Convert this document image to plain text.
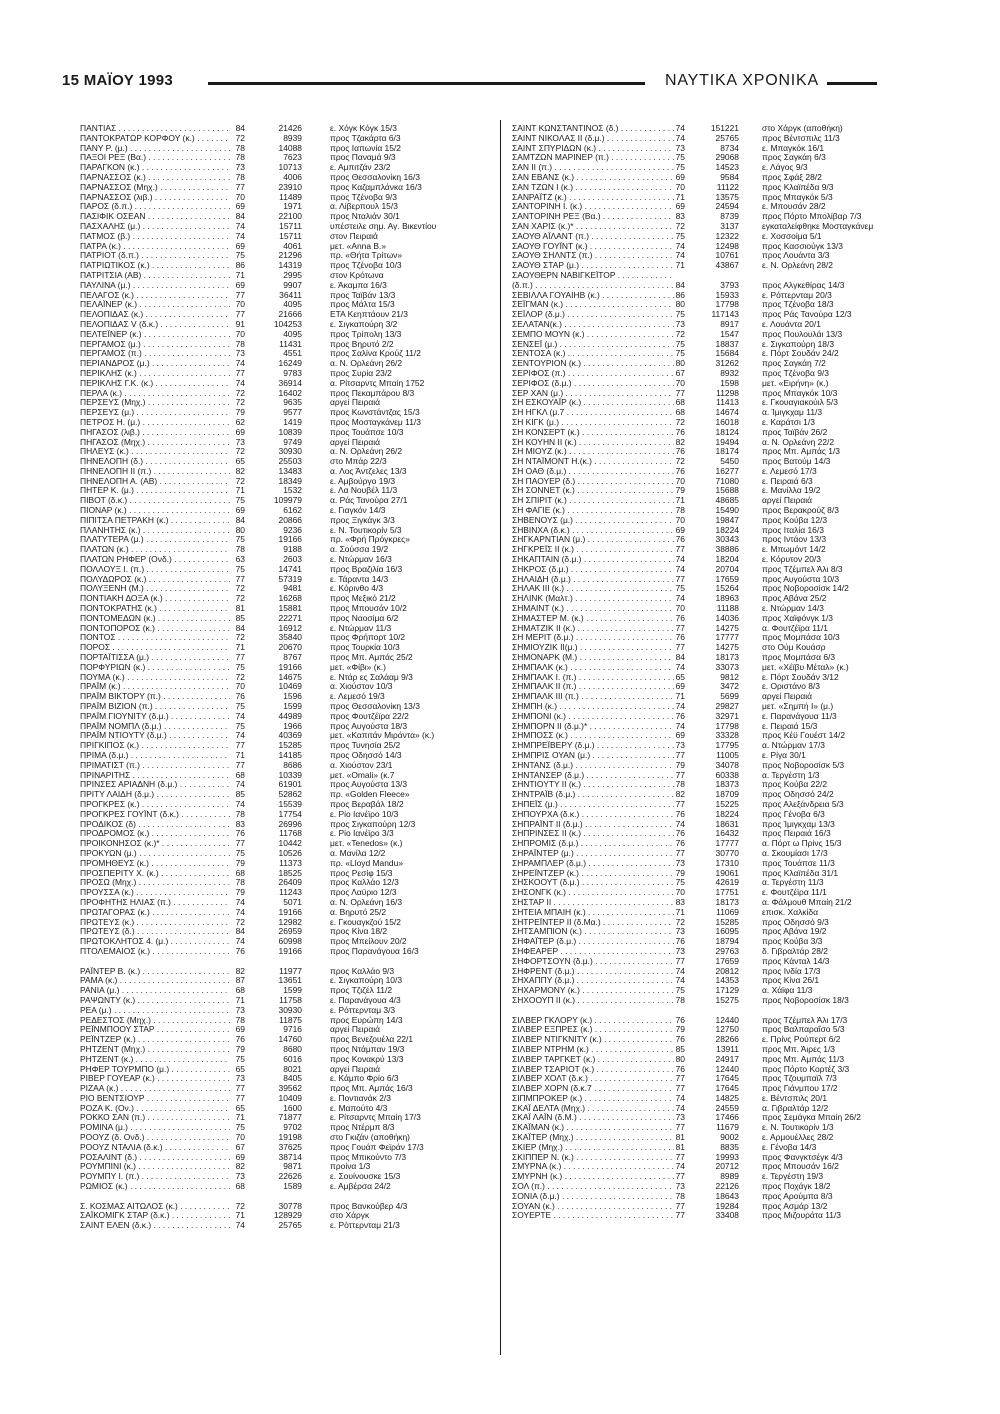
15 ΜΑΪΟΥ 1993	ΝΑΥΤΙΚΑ ΧΡΟΝΙΚΑ
ΠΑΝΤΙΑΣ . . .	84	21426	ε. Χόγκ Κόγκ 15/3
ΠΑΝΤΟΚΡΑΤΩΡ ΚΟΡΦΟΥ (κ.) . . .	72	8939	προς Τζακάρτα 6/3
ΠΑΝΥ Ρ. (μ.) . . .	78	14088	προς Ιαπωνία 15/2
ΠΑΞΟΙ ΡΕΞ (Βα.) . . .	78	7623	προς Παναμά 9/3
ΠΑΡΑΓΚΟΝ (κ.) . . .	73	10713	ε. Αμπιτζάν 23/2
ΠΑΡΝΑΣΣΟΣ (κ.) . . .	78	4006	προς Θεσσαλονίκη 16/3
ΠΑΡΝΑΣΣΟΣ (Μηχ.) . . .	77	23910	προς Καζαμπλάνκα 16/3
ΠΑΡΝΑΣΣΟΣ (λιβ.) . . .	70	11489	προς Τζένοβα 9/3
ΠΑΡΟΣ (δ.π.) . . .	69	1971	α. Λίβερπουλ 15/3
ΠΑΣΙΦΙΚ ΟΣΕΑΝ . . .	84	22100	προς Νταλιάν 30/1
ΠΑΣΧΑΛΗΣ (μ.) . . .	74	15711	υπέστειλε σημ. Αγ. Βικεντίου
ΠΑΤΜΟΣ (β.) . . .	74	15711	στον Πειραιά
ΠΑΤΡΑ (κ.) . . .	69	4061	μετ. «Αnna Β.»
ΠΑΤΡΙΟΤ (δ.π.) . . .	75	21296	πρ. «Θήτα Τρίτων»
ΠΑΤΡΙΩΤΙΚΟΣ (κ.) . . .	86	14319	προς Τζένοβα 10/3
ΠΑΤΡΙΤΣΙΑ (ΑΒ) . . .	71	2995	στον Κρότωνα
ΠΑΥΛΙΝΑ (μ.) . . .	69	9907	ε. Άκαμπα 16/3
ΠΕΛΑΓΟΣ (κ.) . . .	77	36411	προς Ταϊβάν 13/3
ΠΕΛΑΪΝΕΡ (κ.) . . .	70	4095	προς Μάλτα 15/3
ΠΕΛΟΠΙΔΑΣ (κ.) . . .	77	21666	ΕΤΑ Κεηπτάουν 21/3
ΠΕΛΟΠΙΔΑΣ V (δ.κ.) . . .	91	104253	ε. Σιγκαπούρη 3/2
ΠΕΛΤΕΪΝΕΡ (κ.) . . .	70	4095	προς Τρίπολη 13/3
ΠΕΡΓΑΜΟΣ (μ.) . . .	78	11431	προς Βηρυτό 2/2
ΠΕΡΓΑΜΟΣ (π.) . . .	73	4551	προς Σαλίνα Κρούζ 11/2
ΠΕΡΙΑΝΔΡΟΣ (μ.) . . .	74	16249	α. Ν. Ορλεάνη 26/2
ΠΕΡΙΚΛΗΣ (κ.) . . .	77	9783	προς Συρία 23/2
ΠΕΡΙΚΛΗΣ Γ.Κ. (κ.) . . .	74	36914	α. Ρίτσαρντς Μπαίη 1752
ΠΕΡΛΑ (κ.) . . .	72	16402	προς Πεκαμπάρου 8/3
ΠΕΡΣΕΥΣ (Μηχ.) . . .	72	9635	αργεί Πειραιά
ΠΕΡΣΕΥΣ (μ.) . . .	79	9577	προς Κωνστάντζας 15/3
ΠΕΤΡΟΣ Η. (μ.) . . .	62	1419	προς Μοσταγκάνεμ 11/3
ΠΗΓΑΣΟΣ (λιβ.) . . .	69	10839	προς Τουάπσε 10/3
ΠΗΓΑΣΟΣ (Μηχ.) . . .	73	9749	αργεί Πειραιά
ΠΗΛΕΥΣ (κ.) . . .	72	30930	α. Ν. Ορλεάνη 26/2
ΠΗΝΕΛΟΠΗ (δ.) . . .	65	25503	στο Μπάρ 22/3
ΠΗΝΕΛΟΠΗ ΙΙ (π.) . . .	82	13483	α. Λος Άντζελες 13/3
ΠΗΝΕΛΟΠΗ Α. (ΑΒ) . . .	72	18349	ε. Αμβούργο 19/3
ΠΗΤΕΡ Κ. (μ.) . . .	71	1532	ε. Λα Νουβέλ 11/3
ΠΙΒΟΤ (δ.κ.) . . .	75	109979	α. Ράς Τανούρα 27/1
ΠΙΟΝΑΡ (κ.) . . .	69	6162	ε. Γιαγκόν 14/3
ΠΙΠΙΤΣΑ ΠΕΤΡΑΚΗ (κ.) . . .	84	20866	προς Ξιγκάγκ 3/3
ΠΛΑΝΗΤΗΣ (κ.) . . .	80	9236	ε. Ν. Τουτικορίν 5/3
ΠΛΑΤΥΤΕΡΑ (μ.) . . .	75	19166	πρ. «Φρή Πρόγκρες»
ΠΛΑΤΩΝ (κ.) . . .	78	9188	α. Σούσσα 19/2
ΠΛΑΤΩΝ ΡΗΦΕΡ (Ονδ.) . . .	63	2603	ε. Ντώρμαν 16/3
ΠΟΛΛΟΥΞ Ι. (π.) . . .	75	14741	προς Βραζιλία 16/3
ΠΟΛΥΔΩΡΟΣ (κ.) . . .	77	57319	ε. Τάραντα 14/3
ΠΟΛΥΞΕΝΗ (Μ.) . . .	72	9481	ε. Κόρινθο 4/3
ΠΟΝΤΙΑΚΗ ΔΟΞΑ (κ.) . . .	72	16268	προς Μεξικό 21/2
ΠΟΝΤΟΚΡΑΤΗΣ (κ.) . . .	81	15881	προς Μπουσάν 10/2
ΠΟΝΤΟΜΕΔΩΝ (κ.) . . .	85	22271	προς Ναοσίμα 6/2
ΠΟΝΤΟΠΟΡΟΣ (κ.) . . .	84	16912	ε. Ντώρμαν 11/3
ΠΟΝΤΟΣ . . .	72	35840	προς Φρήπορτ 10/2
ΠΟΡΟΣ . . .	71	20670	προς Τουρκία 10/3
ΠΟΡΤΑΪΤΙΣΣΑ (μ.) . . .	77	8767	προς Μπ. Αμπάς 25/2
ΠΟΡΦΥΡΙΩΝ (κ.) . . .	75	19166	μετ. «Φίβι» (κ.)
ΠΟΥΜΑ (κ.) . . .	72	14675	ε. Ντάρ ες Σαλάαμ 9/3
ΠΡΑΪΜ (κ.) . . .	70	10469	α. Χιούστον 10/3
ΠΡΑΪΜ ΒΙΚΤΟΡΥ (π.) . . .	76	1596	ε. Λεμεσό 19/3
ΠΡΑΪΜ ΒΙΖΙΟΝ (π.) . . .	75	1599	προς Θεσσαλονίκη 13/3
ΠΡΑΪΜ ΓΙΟΥΝΙΤΥ (δ.μ.) . . .	74	44989	προς Φουτζέϊρα 22/2
ΠΡΑΪΜ ΝΟΜΠΛ (δ.μ.) . . .	75	1966	προς Αυγούστα 18/3
ΠΡΑΪΜ ΝΤΙΟΥΤΥ (δ.μ.) . . .	74	40369	μετ. «Καπιτάν Μιράντα» (κ.)
ΠΡΙΓΚΙΠΟΣ (κ.) . . .	77	15285	προς Τυνησία 25/2
ΠΡΙΜΑ (δ.μ.) . . .	71	14185	προς Οδησσό 14/3
ΠΡΙΜΑΤΙΣΤ (π.) . . .	77	8686	α. Χιούστον 23/1
ΠΡΙΝΑΡΙΤΗΣ . . .	68	10339	μετ. «Omali» (κ.7
ΠΡΙΝΣΕΣ ΑΡΙΑΔΝΗ (δ.μ.) . . .	74	61901	προς Αυγούστα 13/3
ΠΡΙΤΥ ΛΑΙΔΗ (δ.μ.) . . .	85	52862	πρ. «Golden Fleece»
ΠΡΟΓΚΡΕΣ (κ.) . . .	74	15539	προς Βεραβάλ 18/2
ΠΡΟΓΚΡΕΣ ΓΟΥΪΝΤ (δ.κ.) . . .	78	17754	ε. Ρίο Ιανέϊρο 10/3
ΠΡΟΔΙΚΟΣ (δ) . . .	83	26996	προς Σιγκαπούρη 12/3
ΠΡΟΔΡΟΜΟΣ (κ.) . . .	76	11768	ε. Ρίο Ιανέϊρο 3/3
ΠΡΟΙΚΟΝΗΣΟΣ (κ.)* . . .	77	10442	μετ. «Tenedos» (κ.)
ΠΡΟΚΥΩΝ (μ.) . . .	75	10526	α. Μανίλα 12/2
ΠΡΟΜΗΘΕΥΣ (κ.) . . .	79	11373	πρ. «Lloyd Mandu»
ΠΡΟΣΠΕΡΙΤΥ Χ. (κ.) . . .	68	18525	προς Ρεσίφ 15/3
ΠΡΟΣΩ (Μηχ.) . . .	78	26409	προς Καλλάο 12/3
ΠΡΟΥΣΣΑ (κ.) . . .	79	11243	προς Λαϋριο 12/3
ΠΡΟΦΗΤΗΣ ΗΛΙΑΣ (π.) . . .	74	5071	α. Ν. Ορλεάνη 16/3
ΠΡΩΤΑΓΟΡΑΣ (κ.) . . .	74	19166	α. Βηρυτό 25/2
ΠΡΩΤΕΥΣ (κ.) . . .	72	12982	ε. Γκουαγκζού 15/2
ΠΡΩΤΕΥΣ (δ.) . . .	84	26959	προς Κίνα 18/2
ΠΡΩΤΟΚΛΗΤΟΣ 4. (μ.) . . .	74	60998	προς Μπείλουν 20/2
ΠΤΟΛΕΜΑΙΟΣ (κ.) . . .	76	19166	προς Παρανάγουα 16/3
ΡΑΪΝΤΕΡ Β. (κ.) . . .	82	11977	προς Καλλάο 9/3
ΡΑΜΑ (κ.) . . .	87	13651	ε. Σιγκαπούρη 10/3
ΡΑΝΙΑ (μ.) . . .	68	1599	προς Τζιζέλ 11/2
ΡΑΨΩΝΤΥ (κ.) . . .	71	11758	ε. Παρανάγουα 4/3
ΡΕΑ (μ.) . . .	73	30930	ε. Ρόττερνταμ 3/3
ΡΕΔΕΣΤΟΣ (Μηχ.) . . .	78	11875	προς Ευρώπη 14/3
ΡΕΪΝΜΠΟΟΥ ΣΤΑΡ . . .	69	9716	αργεί Πειραιά
ΡΕΪΝΤΖΕΡ (κ.) . . .	76	14760	προς Βενεζουέλα 22/1
ΡΗΤΖΕΝΤ (Μηχ.) . . .	79	8680	προς Ντάμπαν 19/3
ΡΗΤΖΕΝΤ (κ.) . . .	75	6016	προς Κονακρύ 13/3
ΡΗΦΕΡ ΤΟΥΡΜΠΟ (μ.) . . .	65	8021	αργεί Πειραιά
ΡΙΒΕΡ ΓΟΥΕΑΡ (κ.) . . .	73	8405	ε. Κάμπο Φρίο 6/3
ΡΙΖΑΑ (κ.) . . .	77	39562	προς Μπ. Αμπάς 16/3
ΡΙΟ ΒΕΝΤΣΙΟΥΡ . . .	77	10409	ε. Ποντιανάκ 2/3
ΡΟΖΑ Κ. (Ον.) . . .	65	1600	ε. Μαπούτο 4/3
ΡΟΚΚΟ ΣΑΝ (π.) . . .	71	71877	ε. Ρίτσαρντς Μπαίη 17/3
ΡΟΜΙΝΑ (μ.) . . .	75	9702	προς Ντέρμπ 8/3
ΡΟΟΥΖ (δ. Ονδ.) . . .	70	19198	στο Γκιζάν (αποθήκη)
ΡΟΟΥΖ ΝΤΑΛΙΑ (δ.κ.) . . .	67	37625	προς Γουάπ Φεϊράν 17/3
ΡΟΣΑΛΙΝΤ (δ.) . . .	69	38714	προς Μπικούντο 7/3
ΡΟΥΜΠΙΝΙ (κ.) . . .	82	9871	προίνα 1/3
ΡΟΥΜΠΥ Ι. (π.) . . .	73	22626	ε. Σουίνουσκε 15/3
ΡΩΜΙΟΣ (κ.) . . .	68	1589	ε. Αμβέρσα 24/2
Σ. ΚΟΣΜΑΣ ΑΙΤΩΛΟΣ (κ.) . . .	72	30778	προς Βανκούβερ 4/3
ΣΑΪΚΟΜΙΓΚ ΣΤΑΡ (δ.κ.) . . .	71	128929	στο Χάργκ
ΣΑΙΝΤ ΕΛΕΝ (δ.κ.) . . .	74	25765	ε. Ρόττερνταμ 21/3
ΣΑΙΝΤ ΚΩΝΣΤΑΝΤΙΝΟΣ (δ.) . . .	74	151221	στο Χάργκ (αποθήκη)
ΣΑΙΝΤ ΝΙΚΟΛΑΣ ΙΙ (δ.μ.) . . .	74	25765	προς Βέντσπιλς 11/3
ΣΑΙΝΤ ΣΠΥΡΙΔΩΝ (κ.) . . .	73	8734	ε. Μπαγκόκ 16/1
ΣΑΜΤΖΩΝ ΜΑΡΙΝΕΡ (π.) . . .	75	29068	προς Σαγκάη 6/3
ΣΑΝ ΙΙ (π.) . . .	75	14523	ε. Λάγος 9/3
ΣΑΝ ΕΒΑΝΣ (κ.) . . .	69	9584	προς Σφάξ 28/2
ΣΑΝ ΤΖΩΝ Ι (κ.) . . .	70	11122	προς Κλαϊπέδα 9/3
ΣΑΝΡΑΪΤΖ (κ.) . . .	71	13575	προς Μπαγκόκ 5/3
ΣΑΝΤΟΡΙΝΗ Ι. (κ.) . . .	69	24594	ε. Μπουσάν 28/2
ΣΑΝΤΟΡΙΝΗ ΡΕΞ (Βα.) . . .	83	8739	προς Πόρτο Μπολίβαρ 7/3
ΣΑΝ ΧΑΡΙΣ (κ.)* . . .	72	3137	εγκαταλείφθηκε Μοσταγκάνεμ
ΣΑΟΥΘ ΑΪΛΑΝΤ (π.) . . .	75	12322	ε. Χοσσοίμα 5/1
ΣΑΟΥΘ ΓΟΥΪΝΤ (κ.) . . .	74	12498	προς Κασσιούγκ 13/3
ΣΑΟΥΘ ΣΗΛΝΤΣ (π.) . . .	74	10761	προς Λουάντα 3/3
ΣΑΟΥΘ ΣΤΑΡ (μ.) . . .	71	43867	ε. Ν. Ορλεάνη 28/2
ΣΑΟΥΘΕΡΝ ΝΑΒΙΓΚΕΪΤΟΡ . . .
(δ.π.) . . .	84	3793	προς Αλγκεθίρας 14/3
ΣΕΒΙΛΛΑ ΓΟΥΑΙΗΒ (κ.) . . .	86	15933	ε. Ρόττερνταμ 20/3
ΣΕΪΓΜΑΝ (κ.) . . .	80	17798	προς Τζένοβα 18/3
ΣΕΪΛΟΡ (δ.μ.) . . .	75	117143	προς Ράς Τανούρα 12/3
ΣΕΛΑΤΑΝ(κ.) . . .	73	8917	ε. Λουάντα 20/1
ΣΕΜΠΟ ΜΟΥΝ (κ.) . . .	72	1547	προς Πουλουλάι 13/3
ΣΕΝΣΕΪ (μ.) . . .	75	18837	ε. Σιγκαπούρη 18/3
ΣΕΝΤΟΣΑ (κ.) . . .	75	15684	ε. Πόρτ Σουδάν 24/2
ΣΕΝΤΟΥΡΙΟΝ (κ.) . . .	80	31262	προς Σαγκάη 7/2
ΣΕΡΙΦΟΣ (π.) . . .	67	8932	προς Τζένοβα 9/3
ΣΕΡΙΦΟΣ (δ.μ.) . . .	70	1598	μετ. «Ειρήνη» (κ.)
ΣΕΡ ΧΑΝ (μ.) . . .	77	11298	προς Μπαγκόκ 10/3
ΣΗ ΕΣΚΟΥΑΪΡ (κ.) . . .	68	11413	ε. Γκουαγιακούιλ 5/3
ΣΗ ΗΓΚΛ (μ.7 . . .	68	14674	α. Ίμιγκχαμ 11/3
ΣΗ ΚΙΓΚ (μ.) . . .	72	16018	ε. Καράτσι 1/3
ΣΗ ΚΟΝΣΕΡΤ (κ.) . . .	76	18124	προς Ταϊβάν 26/2
ΣΗ ΚΟΥΗΝ ΙΙ (κ.) . . .	82	19494	α. Ν. Ορλεάνη 22/2
ΣΗ ΜΙΟΥΖ (κ.) . . .	76	18174	προς Μπ. Αμπάς 1/3
ΣΗ ΝΤΑΪΜΟΝΤ Η.(κ.) . . .	72	5450	προς Βατούμ 14/3
ΣΗ ΟΑΘ (δ.μ.) . . .	76	16277	ε. Λεμεσό 17/3
ΣΗ ΠΑΟΥΕΡ (δ.) . . .	70	71080	ε. Πειραιά 6/3
ΣΗ ΣΟΝΝΕΤ (κ.) . . .	79	15688	ε. Μανίλλα 19/2
ΣΗ ΣΠΙΡΙΤ (κ.) . . .	71	48685	αργεί Πειραιά
ΣΗ ΦΑΓΙΕ (κ.) . . .	78	15490	προς Βερακρούζ 8/3
ΣΗΒΕΝΟΥΣ (μ.) . . .	70	19847	προς Κούβα 12/3
ΣΗΒΙΝΧΑ (δ.κ.) . . .	69	18224	προς Ιταλία 16/3
ΣΗΓΚΑΡΝΤΙΑΝ (μ.) . . .	76	30343	προς Ιντάον 13/3
ΣΗΓΚΡΕΪΣ ΙΙ (κ.) . . .	77	38886	ε. Μπωμόντ 14/2
ΣΗΚΑΠΤΑΙΝ (δ.μ.) . . .	74	18204	ε. Κόρυτον 20/3
ΣΗΚΡΟΣ (δ.μ.) . . .	74	20704	προς Τζέμπελ Άλι 8/3
ΣΗΛΑΙΔΗ (δ.μ.) . . .	77	17659	προς Αυγούστα 10/3
ΣΗΛΑΚ ΙΙΙ (κ.) . . .	75	15264	προς Νοβοροσίσκ 14/2
ΣΗΛΙΝΚ (Μαλτ.) . . .	74	18963	προς Αβάνα 25/2
ΣΗΜΑΙΝΤ (κ.) . . .	70	11188	ε. Ντώρμαν 14/3
ΣΗΜΑΣΤΕΡ Μ. (κ.) . . .	76	14036	προς Χαϊφόνγκ 1/3
ΣΗΜΑΤΖΙΚ ΙΙ (κ.) . . .	77	14275	α. Φουτζέϊρα 11/1
ΣΗ ΜΕΡΙΤ (δ.μ.) . . .	76	17777	προς Μομπάσα 10/3
ΣΗΜΙΟΥΖΙΚ ΙΙ(μ.) . . .	77	14275	στο Ούμ Κουάσρ
ΣΗΜΟΝΑΡΚ (Μ.) . . .	84	18173	προς Μομπάσα 6/3
ΣΗΜΠΑΛΚ (κ.) . . .	74	33073	μετ. «Χέϊβυ Μέταλ» (κ.)
ΣΗΜΠΑΛΚ Ι. (π.) . . .	65	9812	ε. Πόρτ Σουδάν 3/12
ΣΗΜΠΑΛΚ ΙΙ (π.) . . .	69	3472	ε. Οριστάνο 8/3
ΣΗΜΠΑΛΚ ΙΙΙ (π.) . . .	71	5699	αργεί Πειραιά
ΣΗΜΠΗ (κ.) . . .	74	29827	μετ. «Σημπή Ι» (μ.)
ΣΗΜΠΟΝΙ (κ.) . . .	76	32971	ε. Παρανάγουα 11/3
ΣΗΜΠΟΡΝ ΙΙ (δ.μ.)* . . .	74	17798	ε. Πειραιά 15/3
ΣΗΜΠΟΣΣ (κ.) . . .	69	33328	προς Κέϋ Γουέστ 14/2
ΣΗΜΠΡΕΪΒΕΡΥ (δ.μ.) . . .	73	17795	α. Ντώρμαν 17/3
ΣΗΜΠΡΙΣ ΟΥΑΝ (μ.) . . .	77	11005	ε. Ρίγα 30/1
ΣΗΝΤΑΝΣ (δ.μ.) . . .	79	34078	προς Νοβοροσίσκ 5/3
ΣΗΝΤΑΝΣΕΡ (δ.μ.) . . .	77	60338	α. Τεργέστη 1/3
ΣΗΝΤΙΟΥΤΥ ΙΙ (κ.) . . .	78	18373	προς Κούβα 22/2
ΣΗΝΤΡΑΪΒ (δ.μ.) . . .	82	18709	προς Οδησσό 24/2
ΣΗΠΕΪΣ (μ.) . . .	77	15225	προς Αλεξάνδρεια 5/3
ΣΗΠΟΥΡΧΑ (δ.κ.) . . .	76	18224	προς Γένοβα 6/3
ΣΗΠΡΑΪΝΤ ΙΙ (δ.μ.) . . .	74	18631	προς Ίμιγκχαμ 13/3
ΣΗΠΡΙΝΣΕΣ ΙΙ (κ.) . . .	76	16432	προς Πειραιά 16/3
ΣΗΠΡΟΜΙΣ (δ.μ.) . . .	76	17777	α. Πόρτ ω Πρίνς 15/3
ΣΗΡΑΪΝΤΕΡ (μ.) . . .	77	30770	α. Σκουμίασι 17/3
ΣΗΡΑΜΠΛΕΡ (δ.μ.) . . .	73	17310	προς Τουάπσε 11/3
ΣΗΡΕΪΝΤΖΕΡ (κ.) . . .	79	19061	προς Κλαϊπέδα 31/1
ΣΗΣΚΟΟΥΤ (δ.μ.) . . .	75	42619	α. Τεργέστη 11/3
ΣΗΣΟΝΓΚ (κ.) . . .	70	17751	ε. Φουτζέϊρα 11/1
ΣΗΣΤΑΡ ΙΙ . . .	83	18173	α. Φάλμουθ Μπαίη 21/2
ΣΗΤΕΙΑ ΜΠΑΙΗ (κ.) . . .	71	11069	επισκ. Χαλκίδα
ΣΗΤΡΕΪΝΤΕΡ ΙΙ (δ.Μα.) . . .	72	15285	προς Οδησσό 9/3
ΣΗΤΣΑΜΠΙΟΝ (κ.) . . .	73	16095	προς Αβάνα 19/2
ΣΗΦΑΪΤΕΡ (δ.μ.) . . .	76	18794	προς Κούβα 3/3
ΣΗΦΕΑΡΕΡ . . .	73	29763	δ. Γιβραλτάρ 28/2
ΣΗΦΟΡΤΣΟΥΝ (δ.μ.) . . .	77	17659	προς Κάνταλ 14/3
ΣΗΦΡΕΝΤ (δ.μ.) . . .	74	20812	προς Ινδία 17/3
ΣΗΧΑΠΠΥ (δ.μ.) . . .	74	14353	προς Κίνα 26/1
ΣΗΧΑΡΜΟΝΥ (κ.) . . .	75	17129	α. Χάϊφα 11/3
ΣΗΧΟΟΥΠ ΙΙ (κ.) . . .	78	15275	προς Νοβοροσίσκ 18/3
ΣΙΛΒΕΡ ΓΚΛΟΡΥ (κ.) . . .	76	12440	προς Τζέμπελ Άλι 17/3
ΣΙΛΒΕΡ ΕΞΠΡΕΣ (κ.) . . .	79	12750	προς Βαλπαραΐσο 5/3
ΣΙΛΒΕΡ ΝΤΙΓΚΝΙΤΥ (κ.) . . .	76	28266	ε. Πρίνς Ρούπερτ 6/2
ΣΙΛΒΕΡ ΝΤΡΗΜ (κ.) . . .	85	13911	προς Μπ. Άιρες 1/3
ΣΙΛΒΕΡ ΤΑΡΓΚΕΤ (κ.) . . .	80	24917	προς Μπ. Αμπάς 11/3
ΣΙΛΒΕΡ ΤΣΑΡΙΟΤ (κ.) . . .	76	12440	προς Πόρτο Κορτέζ 3/3
ΣΙΛΒΕΡ ΧΟΛΤ (δ.κ.) . . .	77	17645	προς Τζουμπαϊλ 7/3
ΣΙΛΒΕΡ ΧΟΡΝ (δ.κ.7 . . .	77	17645	προς Γιάνμπου 17/2
ΣΙΠΜΠΡΟΚΕΡ (κ.) . . .	74	14825	ε. Βέντσπιλς 20/1
ΣΚΑΪ ΔΕΛΤΑ (Μηχ.) . . .	74	24559	α. Γιβραλτάρ 12/2
ΣΚΑΪ ΛΑΪΝ (δ.Μ.) . . .	73	17466	προς Σεμάγκα Μπαίη 26/2
ΣΚΑΪΜΑΝ (κ.) . . .	77	11679	ε. Ν. Τουτικορίν 1/3
ΣΚΑΪΤΕΡ (Μηχ.) . . .	81	9002	ε. Αρμουέλλες 28/2
ΣΚΙΕΡ (Μηχ.) . . .	81	8835	ε. Γένοβα 14/3
ΣΚΙΠΠΕΡ Ν. (κ.) . . .	77	19993	προς Φανγκτσέγκ 4/3
ΣΜΥΡΝΑ (κ.) . . .	74	20712	προς Μπουσάν 16/2
ΣΜΥΡΝΗ (κ.) . . .	77	8989	ε. Τεργέστη 19/3
ΣΟΛ (π.) . . .	73	22126	προς Ποχάγκ 18/2
ΣΟΝΙΑ (δ.μ.) . . .	78	18643	προς Αρούμπα 8/3
ΣΟΥΑΝ (κ.) . . .	77	19284	προς Ασμάρ 13/2
ΣΟΥΕΡΤΕ . . .	77	33408	προς Μιζουράτα 11/3
